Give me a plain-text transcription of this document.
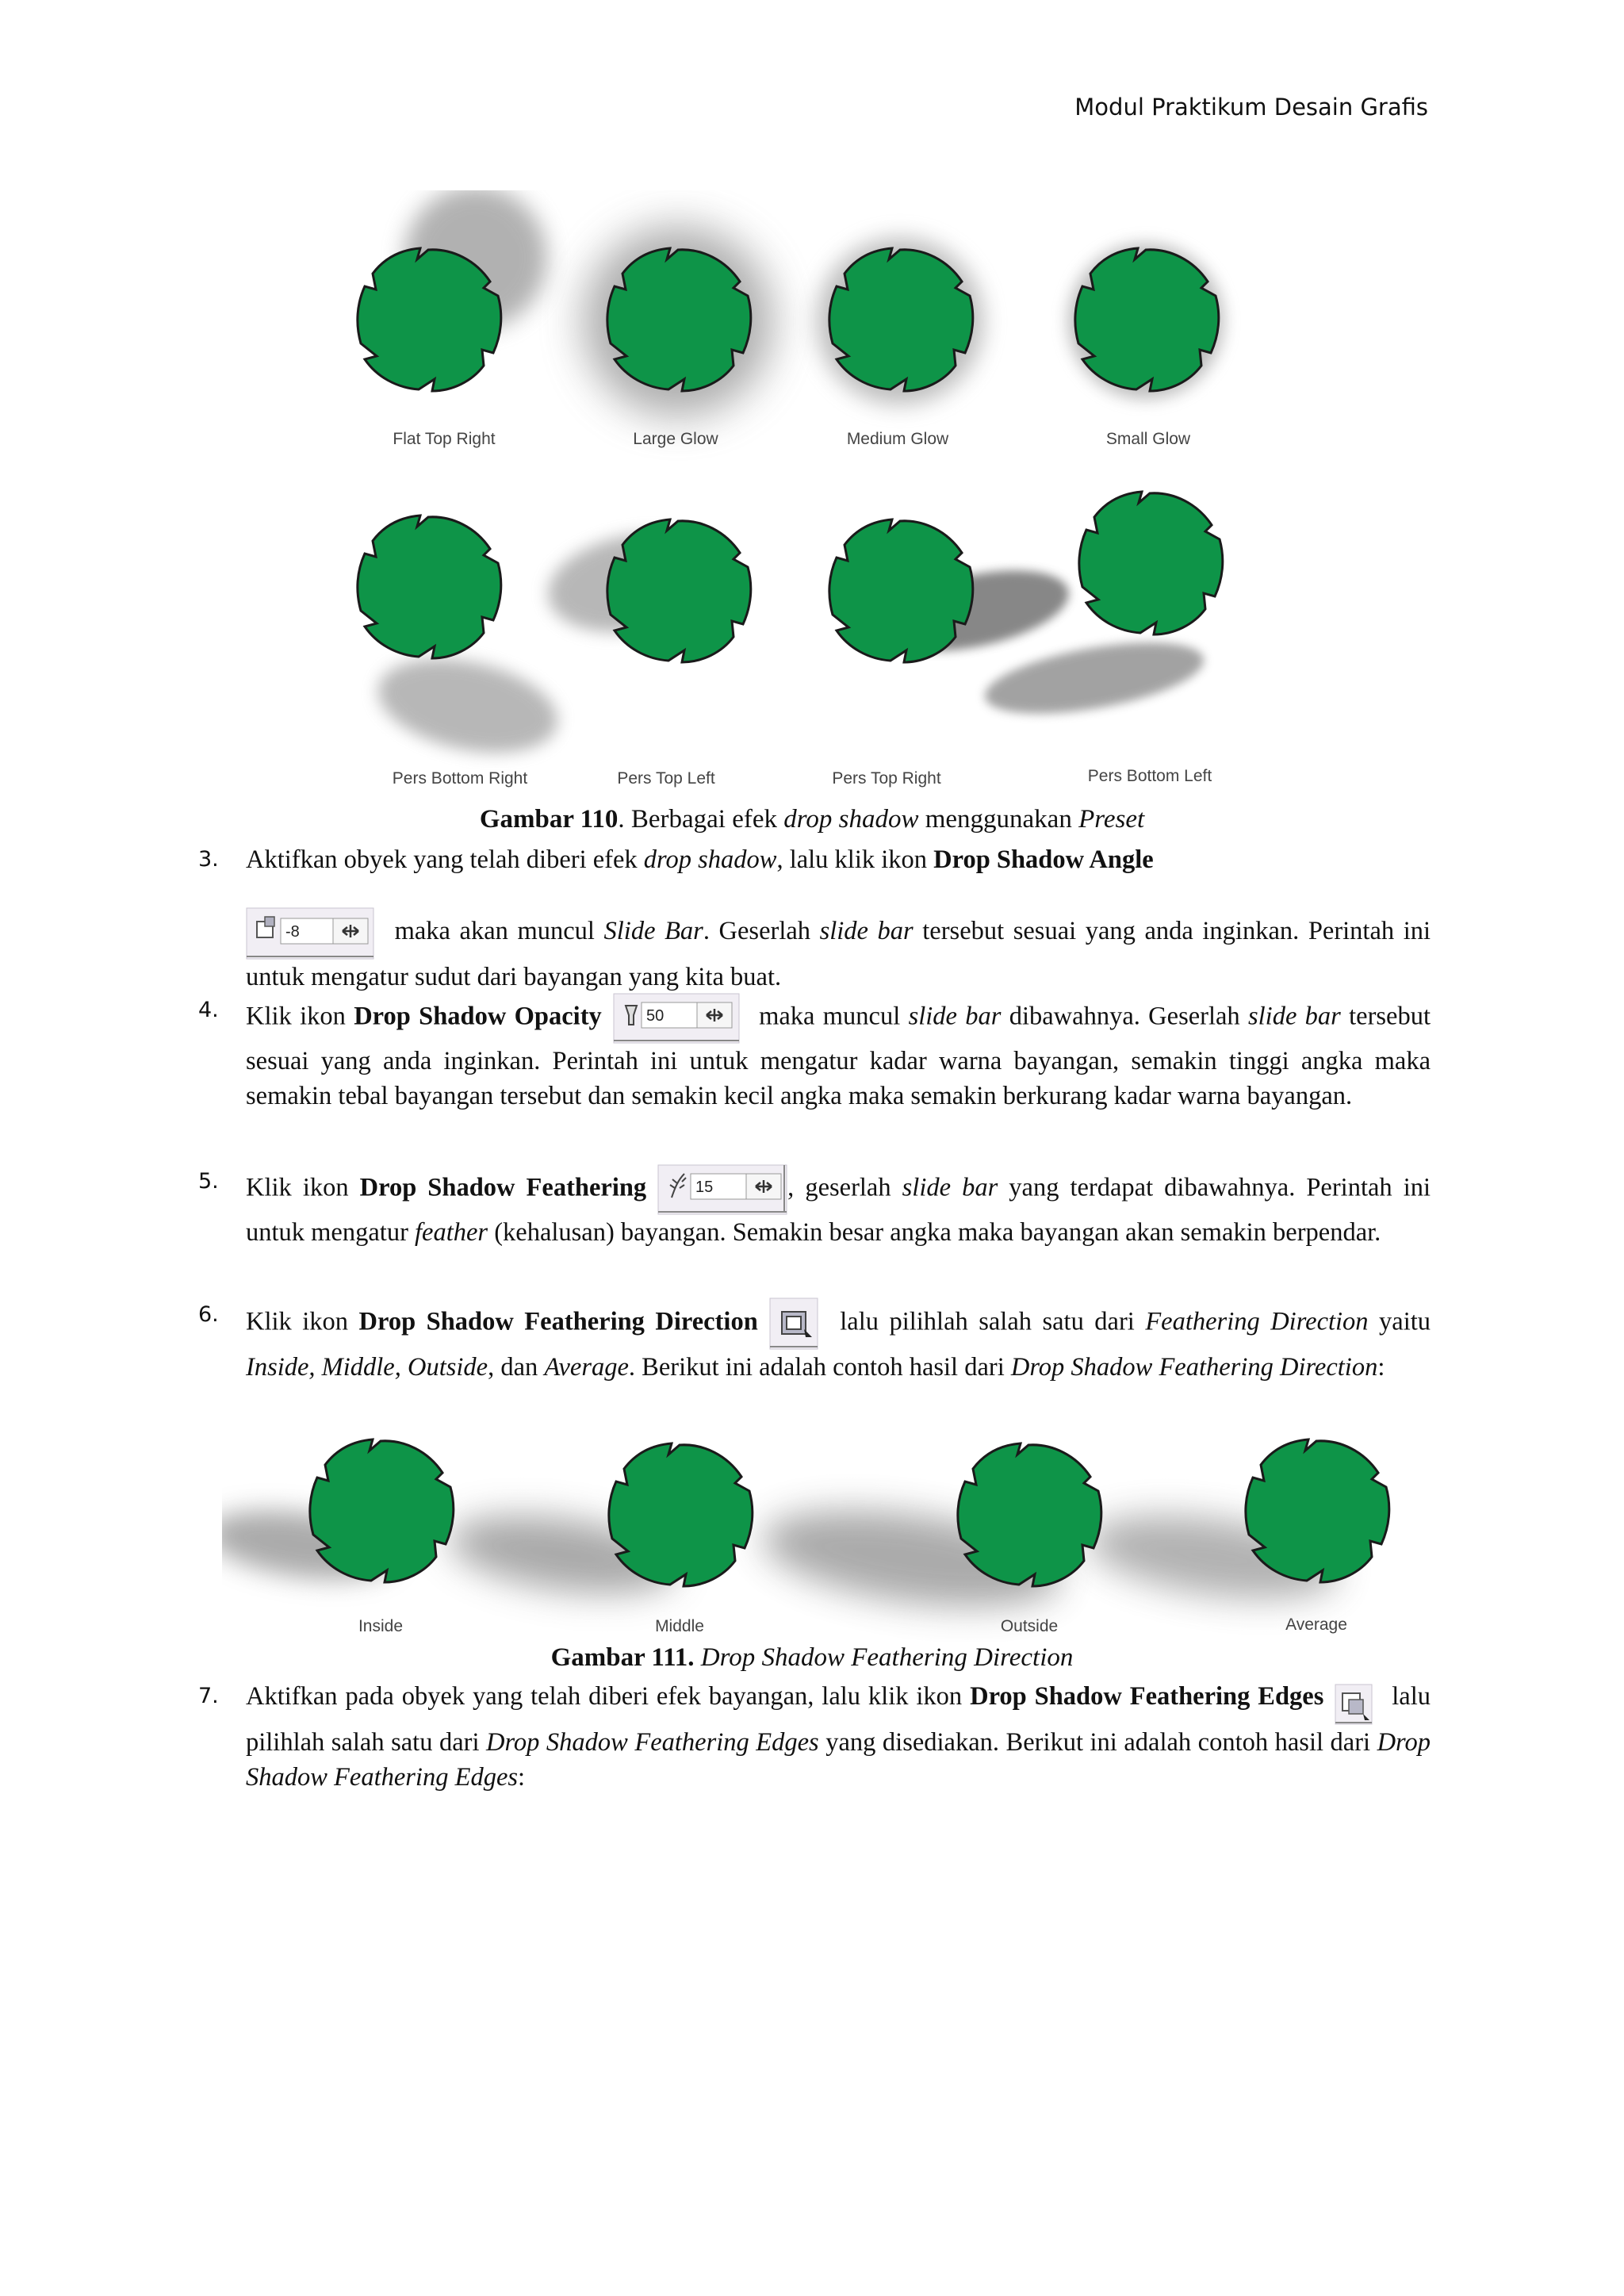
Modul Praktikum Desain Grafis
Flat Top Right	Large Glow	Medium Glow	Small Glow
Pers Bottom Right	Pers Top Left	Pers Top Right	Pers Bottom Left
Gambar 110. Berbagai efek drop shadow menggunakan Preset
3. Aktifkan obyek yang telah diberi efek drop shadow, lalu klik ikon Drop Shadow Angle

-8	maka akan muncul Slide Bar. Geserlah slide bar tersebut sesuai yang anda inginkan. Perintah ini untuk mengatur sudut dari bayangan yang kita buat.
4. Klik ikon Drop Shadow Opacity	50	maka muncul slide bar dibawahnya. Geserlah slide bar tersebut sesuai yang anda inginkan. Perintah ini untuk mengatur kadar warna bayangan, semakin tinggi angka maka semakin tebal bayangan tersebut dan semakin kecil angka maka semakin berkurang kadar warna bayangan.
5. Klik ikon Drop Shadow Feathering	15	, geserlah slide bar yang terdapat dibawahnya. Perintah ini untuk mengatur feather (kehalusan) bayangan. Semakin besar angka maka bayangan akan semakin berpendar.
6. Klik ikon Drop Shadow Feathering Direction	lalu pilihlah salah satu dari Feathering Direction yaitu Inside, Middle, Outside, dan Average. Berikut ini adalah contoh hasil dari Drop Shadow Feathering Direction:
Inside	Middle	Outside	Average
Gambar 111. Drop Shadow Feathering Direction
7. Aktifkan pada obyek yang telah diberi efek bayangan, lalu klik ikon Drop Shadow Feathering Edges
lalu pilihlah salah satu dari Drop Shadow Feathering Edges yang disediakan. Berikut ini adalah contoh hasil dari Drop Shadow Feathering Edges:
